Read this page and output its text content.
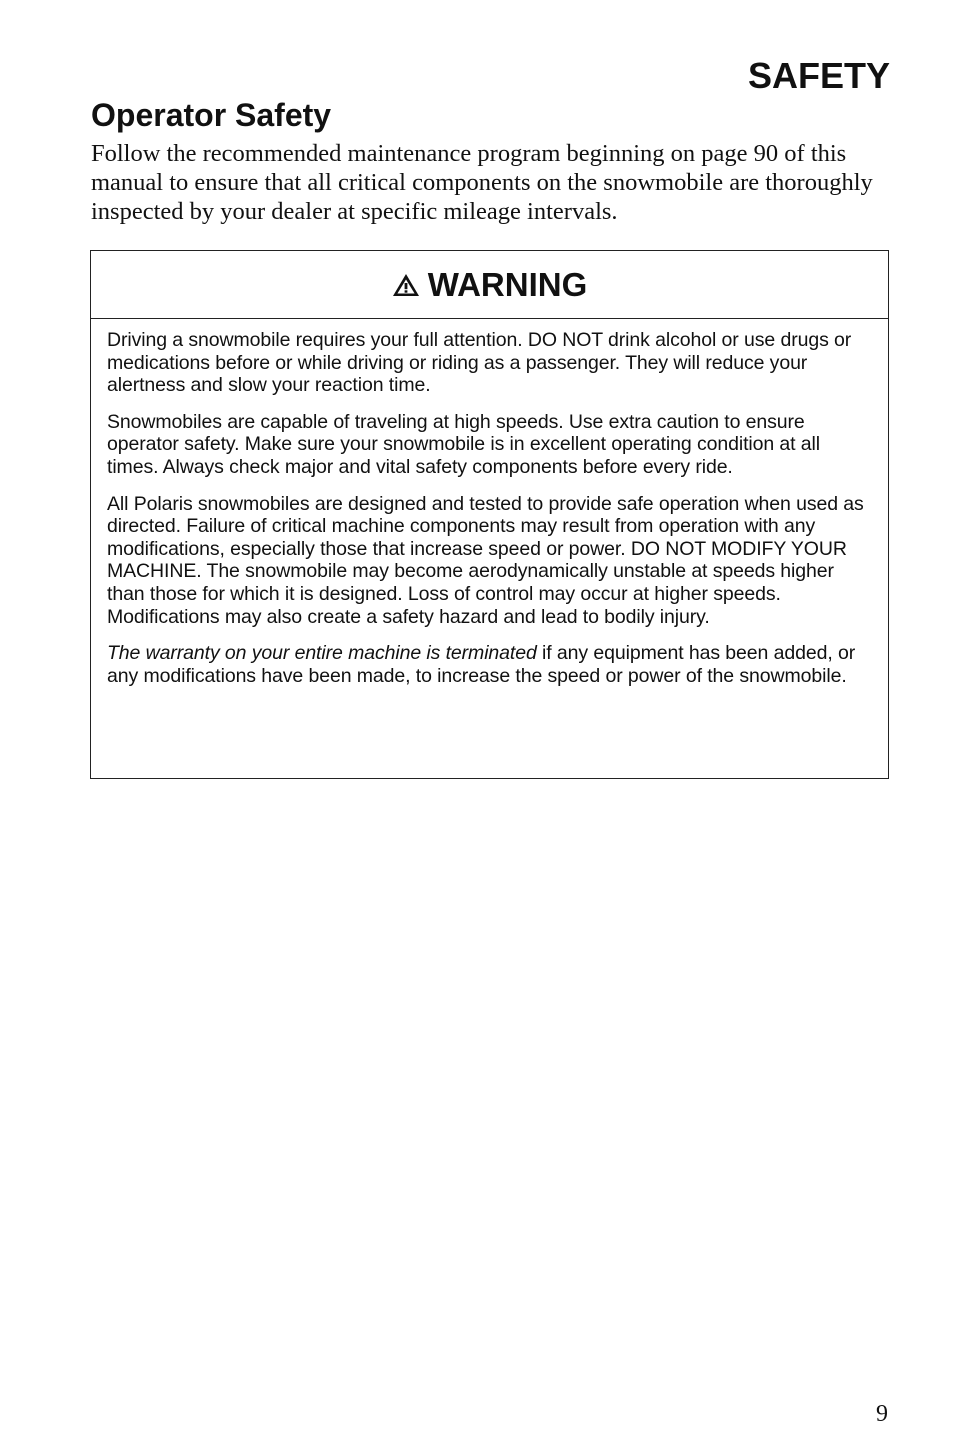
SAFETY
Operator Safety

Follow the recommended maintenance program beginning on page 90 of this manual to ensure that all critical components on the snowmobile are thoroughly inspected by your dealer at specific mileage intervals.

WARNING

Driving a snowmobile requires your full attention. DO NOT drink alcohol or use drugs or medications before or while driving or riding as a passenger. They will reduce your alertness and slow your reaction time.

Snowmobiles are capable of traveling at high speeds. Use extra caution to ensure operator safety. Make sure your snowmobile is in excellent operating condition at all times. Always check major and vital safety components before every ride.

All Polaris snowmobiles are designed and tested to provide safe operation when used as directed. Failure of critical machine components may result from operation with any modifications, especially those that increase speed or power. DO NOT MODIFY YOUR MACHINE. The snowmobile may become aerodynamically unstable at speeds higher than those for which it is designed. Loss of control may occur at higher speeds. Modifications may also create a safety hazard and lead to bodily injury.

The warranty on your entire machine is terminated if any equipment has been added, or any modifications have been made, to increase the speed or power of the snowmobile.

9
